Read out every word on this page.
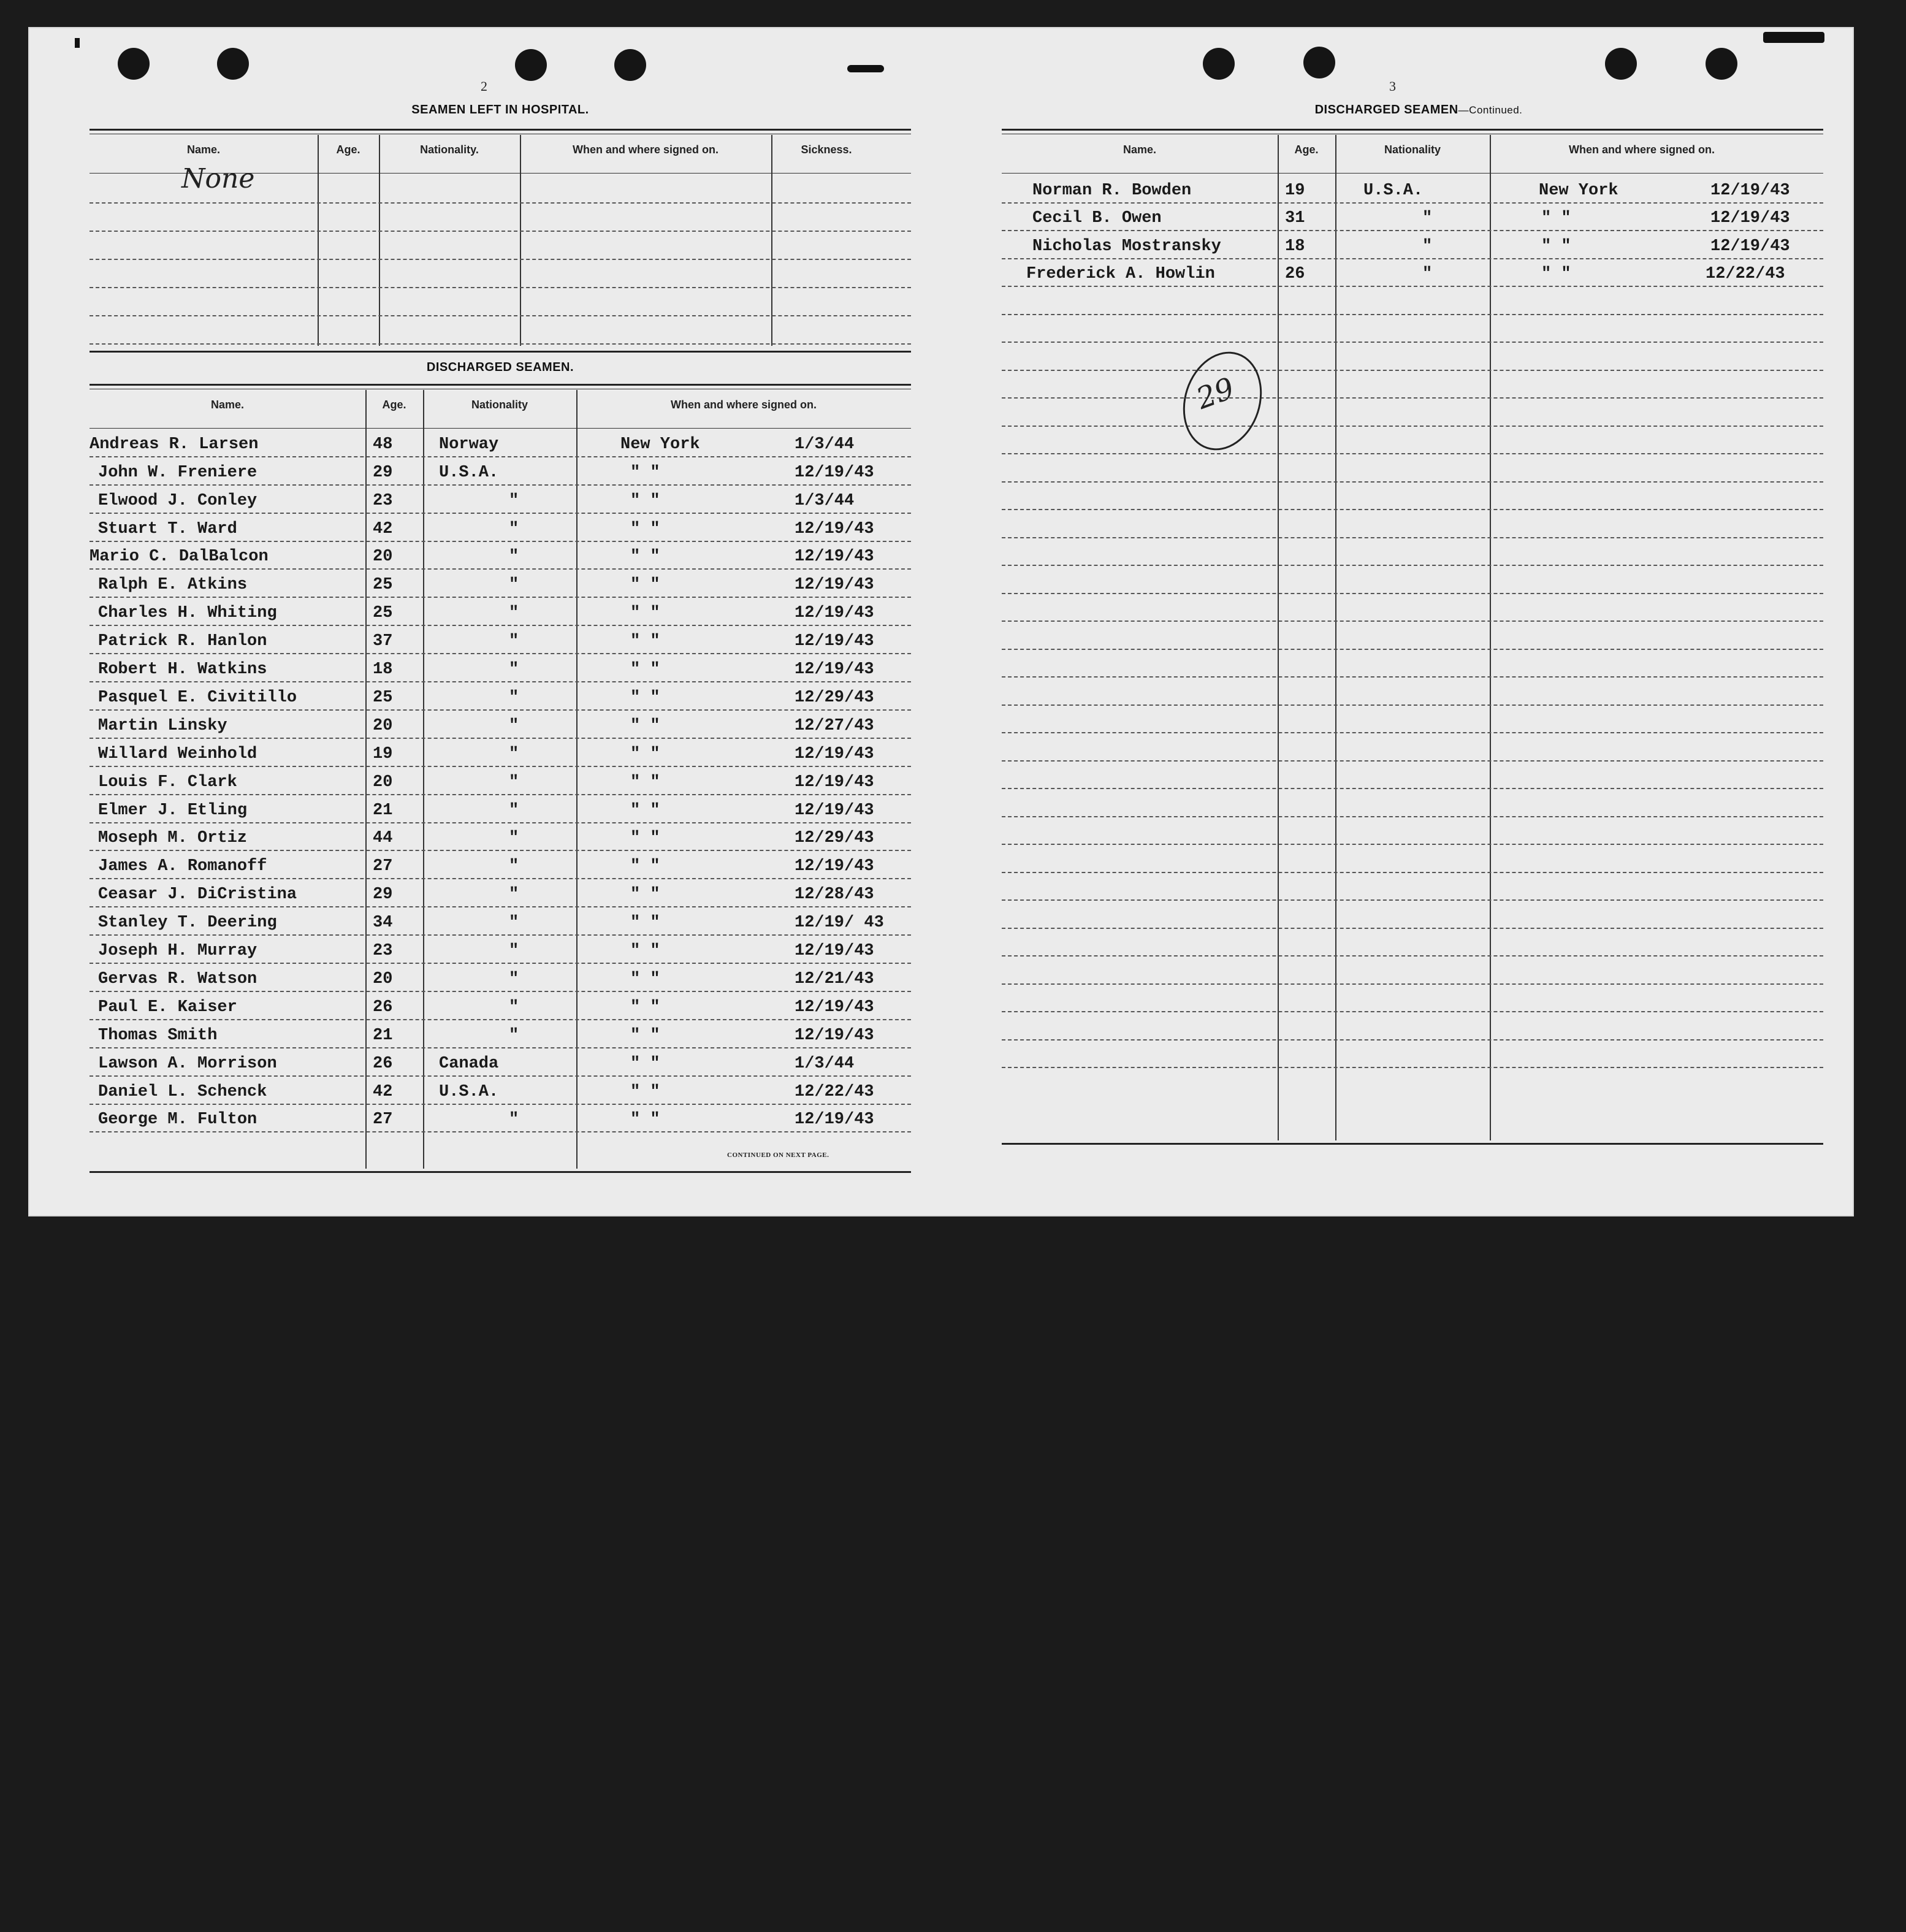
2
SEAMEN LEFT IN HOSPITAL.
Name.	Age.	Nationality.	When and where signed on.	Sickness.
None
DISCHARGED SEAMEN.
Name.	Age.	Nationality	When and where signed on.
Andreas R. Larsen	48	Norway	New York	1/3/44
John W. Freniere	29	U.S.A.	" "	12/19/43
Elwood J. Conley	23	"	" "	1/3/44
Stuart T. Ward	42	"	" "	12/19/43
Mario C. DalBalcon	20	"	" "	12/19/43
Ralph E. Atkins	25	"	" "	12/19/43
Charles H. Whiting	25	"	" "	12/19/43
Patrick R. Hanlon	37	"	" "	12/19/43
Robert H. Watkins	18	"	" "	12/19/43
Pasquel E. Civitillo	25	"	" "	12/29/43
Martin Linsky	20	"	" "	12/27/43
Willard Weinhold	19	"	" "	12/19/43
Louis F. Clark	20	"	" "	12/19/43
Elmer J. Etling	21	"	" "	12/19/43
Moseph M. Ortiz	44	"	" "	12/29/43
James A. Romanoff	27	"	" "	12/19/43
Ceasar J. DiCristina	29	"	" "	12/28/43
Stanley T. Deering	34	"	" "	12/19/ 43
Joseph H. Murray	23	"	" "	12/19/43
Gervas R. Watson	20	"	" "	12/21/43
Paul E. Kaiser	26	"	" "	12/19/43
Thomas Smith	21	"	" "	12/19/43
Lawson A. Morrison	26	Canada	" "	1/3/44
Daniel L. Schenck	42	U.S.A.	" "	12/22/43
George M. Fulton	27	"	" "	12/19/43
CONTINUED ON NEXT PAGE.
3
DISCHARGED SEAMEN—Continued.
Name.	Age.	Nationality	When and where signed on.
Norman R. Bowden	19	U.S.A.	New York	12/19/43
Cecil B. Owen	31	"	" "	12/19/43
Nicholas Mostransky	18	"	" "	12/19/43
Frederick A. Howlin	26	"	" "	12/22/43
29
